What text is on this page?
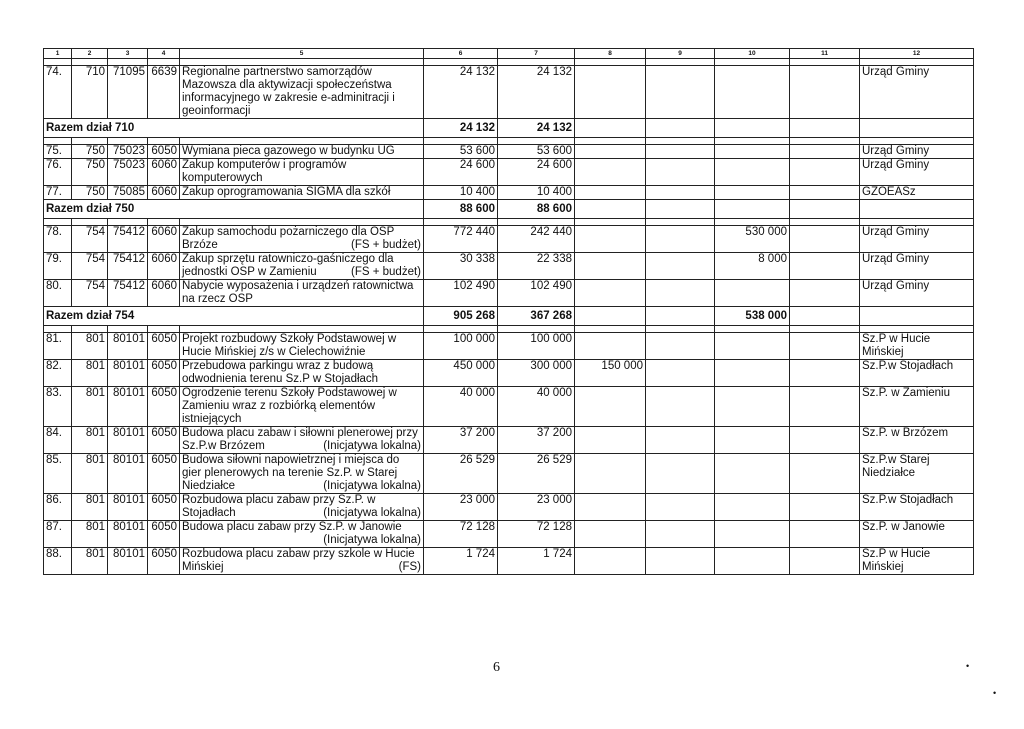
1	2	3	4	5	6	7	8	9	10	11	12

74.	710	71095	6639	Regionalne partnerstwo samorządów Mazowsza dla aktywizacji społeczeństwa informacyjnego w zakresie e-adminitracji i geoinformacji	24 132	24 132					Urząd Gminy
Razem dział 710					24 132	24 132					

75.	750	75023	6050	Wymiana pieca gazowego w budynku UG	53 600	53 600					Urząd Gminy
76.	750	75023	6060	Zakup komputerów i programów komputerowych	24 600	24 600					Urząd Gminy
77.	750	75085	6060	Zakup oprogramowania SIGMA dla szkół	10 400	10 400					GZOEASz
Razem dział 750					88 600	88 600					

78.	754	75412	6060	Zakup samochodu pożarniczego dla OSP Brzóze (FS + budżet)	772 440	242 440			530 000		Urząd Gminy
79.	754	75412	6060	Zakup sprzętu ratowniczo-gaśniczego dla jednostki OSP w Zamieniu (FS + budżet)	30 338	22 338			8 000		Urząd Gminy
80.	754	75412	6060	Nabycie wyposażenia i urządzeń ratownictwa na rzecz OSP	102 490	102 490					Urząd Gminy
Razem dział 754					905 268	367 268			538 000		

81.	801	80101	6050	Projekt rozbudowy Szkoły Podstawowej w Hucie Mińskiej z/s w Cielechowiźnie	100 000	100 000					Sz.P w Hucie Mińskiej
82.	801	80101	6050	Przebudowa parkingu wraz z budową odwodnienia terenu Sz.P w Stojadłach	450 000	300 000	150 000				Sz.P.w Stojadłach
83.	801	80101	6050	Ogrodzenie terenu Szkoły Podstawowej w Zamieniu wraz z rozbiórką elementów istniejących	40 000	40 000					Sz.P. w Zamieniu
84.	801	80101	6050	Budowa placu zabaw i siłowni plenerowej przy Sz.P.w Brzózem (Inicjatywa lokalna)	37 200	37 200					Sz.P. w Brzózem
85.	801	80101	6050	Budowa siłowni napowietrznej i miejsca do gier plenerowych na terenie Sz.P. w Starej Niedziałce (Inicjatywa lokalna)	26 529	26 529					Sz.P.w Starej Niedziałce
86.	801	80101	6050	Rozbudowa placu zabaw przy Sz.P. w Stojadłach (Inicjatywa lokalna)	23 000	23 000					Sz.P.w Stojadłach
87.	801	80101	6050	Budowa placu zabaw przy Sz.P. w Janowie
(Inicjatywa lokalna)	72 128	72 128					Sz.P. w Janowie
88.	801	80101	6050	Rozbudowa placu zabaw przy szkole w Hucie Mińskiej (FS)	1 724	1 724					Sz.P w Hucie Mińskiej
6	•
•
